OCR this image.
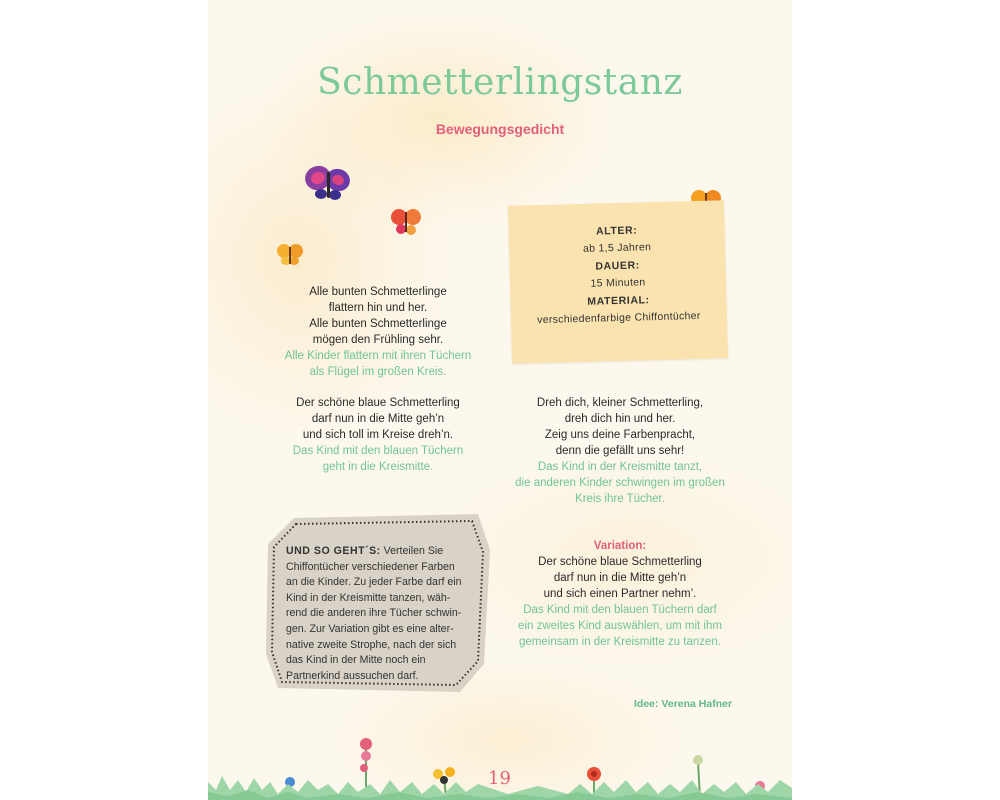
Schmetterlingstanz
Bewegungsgedicht
ALTER:
ab 1,5 Jahren
DAUER:
15 Minuten
MATERIAL:
verschiedenfarbige Chiffontücher
Alle bunten Schmetterlinge
flattern hin und her.
Alle bunten Schmetterlinge
mögen den Frühling sehr.
Alle Kinder flattern mit ihren Tüchern
als Flügel im großen Kreis.
Der schöne blaue Schmetterling
darf nun in die Mitte geh’n
und sich toll im Kreise dreh’n.
Das Kind mit den blauen Tüchern
geht in die Kreismitte.
Dreh dich, kleiner Schmetterling,
dreh dich hin und her.
Zeig uns deine Farbenpracht,
denn die gefällt uns sehr!
Das Kind in der Kreismitte tanzt,
die anderen Kinder schwingen im großen
Kreis ihre Tücher.
Variation:
Der schöne blaue Schmetterling
darf nun in die Mitte geh’n
und sich einen Partner nehm’.
Das Kind mit den blauen Tüchern darf
ein zweites Kind auswählen, um mit ihm
gemeinsam in der Kreismitte zu tanzen.
UND SO GEHT´S: Verteilen Sie
Chiffontücher verschiedener Farben
an die Kinder. Zu jeder Farbe darf ein
Kind in der Kreismitte tanzen, wäh-
rend die anderen ihre Tücher schwin-
gen. Zur Variation gibt es eine alter-
native zweite Strophe, nach der sich
das Kind in der Mitte noch ein
Partnerkind aussuchen darf.
Idee: Verena Hafner
19
